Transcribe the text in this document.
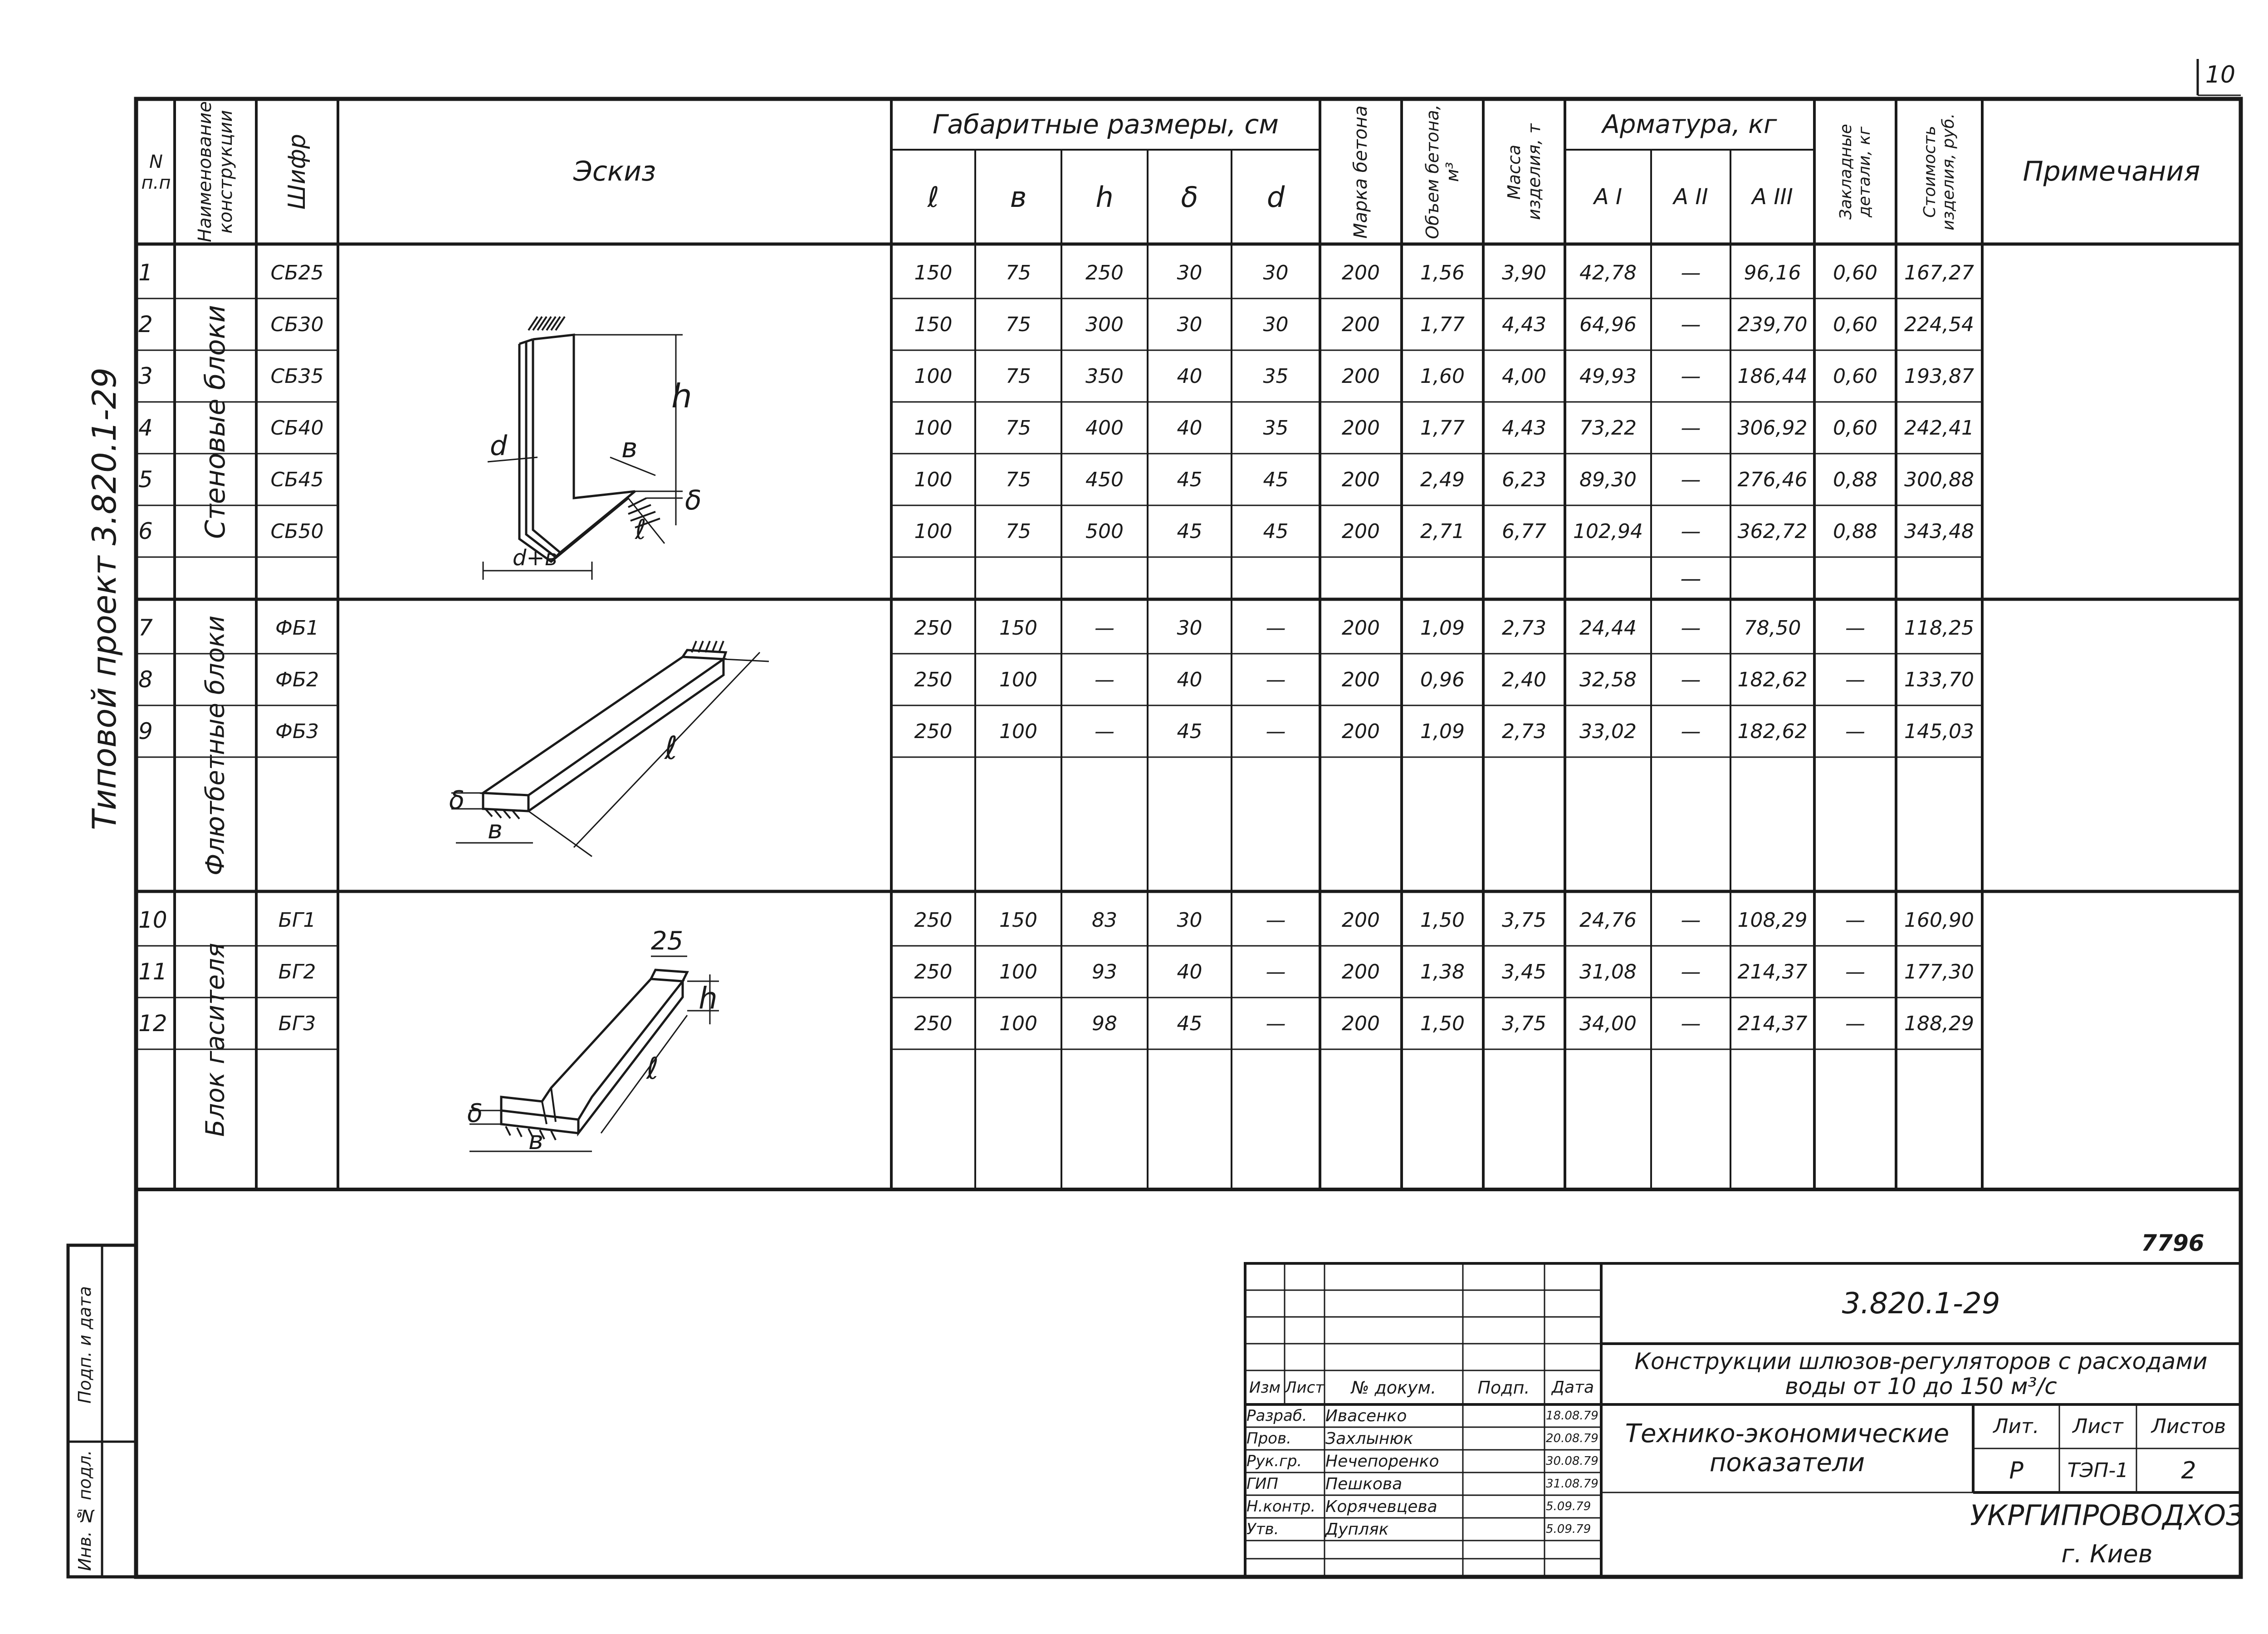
h
в
d
δ
ℓ
d+в
ℓ
δ
в
25
h
ℓ
δ
в
10
Типовой проект 3.820.1-29
Инв. № подл.
Подп. и дата
N п.п	Наименование конструкции	Шифр	Эскиз
Габаритные размеры, см
ℓ	в	h	δ	d	Марка бетона	Объем бетона, м³	Масса изделия, т	Арматура, кг
А I	А II	А III	Закладные детали, кг	Стоимость изделия, руб.	Примечания
Стеновые блоки
Флютбетные блоки
Блок гасителя
1	СБ25	150	75	250	30	30	200	1,56	3,90	42,78	—	96,16	0,60	167,27
2	СБ30	150	75	300	30	30	200	1,77	4,43	64,96	—	239,70	0,60	224,54
3	СБ35	100	75	350	40	35	200	1,60	4,00	49,93	—	186,44	0,60	193,87
4	СБ40	100	75	400	40	35	200	1,77	4,43	73,22	—	306,92	0,60	242,41
5	СБ45	100	75	450	45	45	200	2,49	6,23	89,30	—	276,46	0,88	300,88
6	СБ50	100	75	500	45	45	200	2,71	6,77	102,94	—	362,72	0,88	343,48
7	ФБ1	250	150	—	30	—	200	1,09	2,73	24,44	—	78,50	—	118,25
8	ФБ2	250	100	—	40	—	200	0,96	2,40	32,58	—	182,62	—	133,70
9	ФБ3	250	100	—	45	—	200	1,09	2,73	33,02	—	182,62	—	145,03
10	БГ1	250	150	83	30	—	200	1,50	3,75	24,76	—	108,29	—	160,90
11	БГ2	250	100	93	40	—	200	1,38	3,45	31,08	—	214,37	—	177,30
12	БГ3	250	100	98	45	—	200	1,50	3,75	34,00	—	214,37	—	188,29
—
7796
3.820.1-29
Конструкции шлюзов-регуляторов с расходами воды от 10 до 150 м³/с
Технико-экономические показатели
Лит.	Лист	Листов
Р	ТЭП-1	2
УКРГИПРОВОДХОЗ
г. Киев
Изм Лист	№ докум.	Подп.	Дата
Разраб.	Ивасенко	18.08.79
Пров.	Захлынюк	20.08.79
Рук.гр.	Нечепоренко	30.08.79
ГИП	Пешкова	31.08.79
Н.контр. Корячевцева	5.09.79
Утв.	Дупляк	5.09.79
